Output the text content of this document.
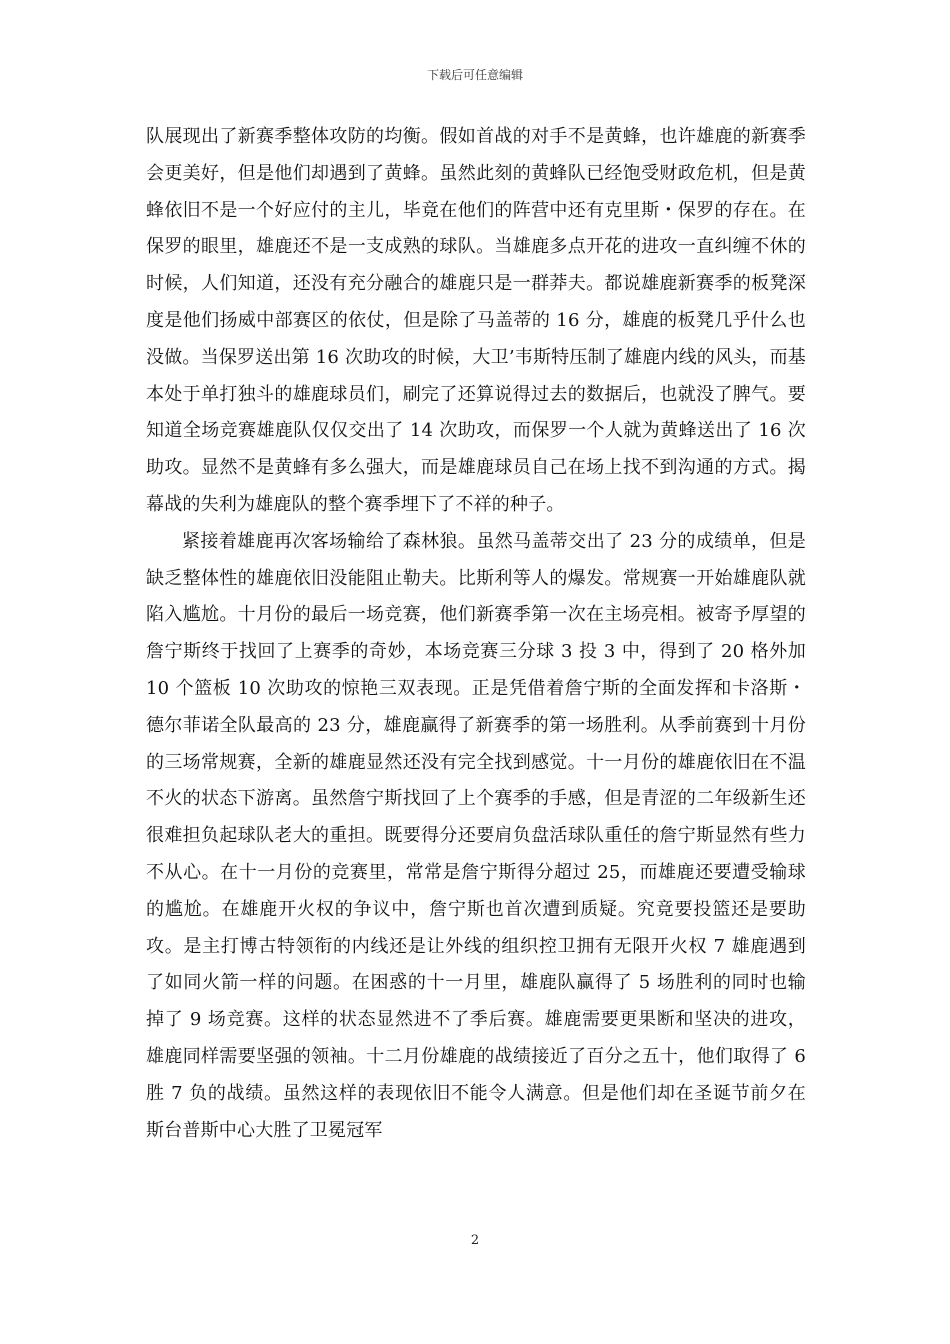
下载后可任意编辑

队展现出了新赛季整体攻防的均衡。假如首战的对手不是黄蜂，也许雄鹿的新赛季会更美好，但是他们却遇到了黄蜂。虽然此刻的黄蜂队已经饱受财政危机，但是黄蜂依旧不是一个好应付的主儿，毕竟在他们的阵营中还有克里斯・保罗的存在。在保罗的眼里，雄鹿还不是一支成熟的球队。当雄鹿多点开花的进攻一直纠缠不休的时候，人们知道，还没有充分融合的雄鹿只是一群莽夫。都说雄鹿新赛季的板凳深度是他们扬威中部赛区的依仗，但是除了马盖蒂的 16 分，雄鹿的板凳几乎什么也没做。当保罗送出第 16 次助攻的时候，大卫’韦斯特压制了雄鹿内线的风头，而基本处于单打独斗的雄鹿球员们，刷完了还算说得过去的数据后，也就没了脾气。要知道全场竞赛雄鹿队仅仅交出了 14 次助攻，而保罗一个人就为黄蜂送出了 16 次助攻。显然不是黄蜂有多么强大，而是雄鹿球员自己在场上找不到沟通的方式。揭幕战的失利为雄鹿队的整个赛季埋下了不祥的种子。

紧接着雄鹿再次客场输给了森林狼。虽然马盖蒂交出了 23 分的成绩单，但是缺乏整体性的雄鹿依旧没能阻止勒夫。比斯利等人的爆发。常规赛一开始雄鹿队就陷入尴尬。十月份的最后一场竞赛，他们新赛季第一次在主场亮相。被寄予厚望的詹宁斯终于找回了上赛季的奇妙，本场竞赛三分球 3 投 3 中，得到了 20 格外加 10 个篮板 10 次助攻的惊艳三双表现。正是凭借着詹宁斯的全面发挥和卡洛斯・德尔菲诺全队最高的 23 分，雄鹿赢得了新赛季的第一场胜利。从季前赛到十月份的三场常规赛，全新的雄鹿显然还没有完全找到感觉。十一月份的雄鹿依旧在不温不火的状态下游离。虽然詹宁斯找回了上个赛季的手感，但是青涩的二年级新生还很难担负起球队老大的重担。既要得分还要肩负盘活球队重任的詹宁斯显然有些力不从心。在十一月份的竞赛里，常常是詹宁斯得分超过 25，而雄鹿还要遭受输球的尴尬。在雄鹿开火权的争议中，詹宁斯也首次遭到质疑。究竟要投篮还是要助攻。是主打博古特领衔的内线还是让外线的组织控卫拥有无限开火权 7 雄鹿遇到了如同火箭一样的问题。在困惑的十一月里，雄鹿队赢得了 5 场胜利的同时也输掉了 9 场竞赛。这样的状态显然进不了季后赛。雄鹿需要更果断和坚决的进攻，雄鹿同样需要坚强的领袖。十二月份雄鹿的战绩接近了百分之五十，他们取得了 6 胜 7 负的战绩。虽然这样的表现依旧不能令人满意。但是他们却在圣诞节前夕在斯台普斯中心大胜了卫冕冠军

2
